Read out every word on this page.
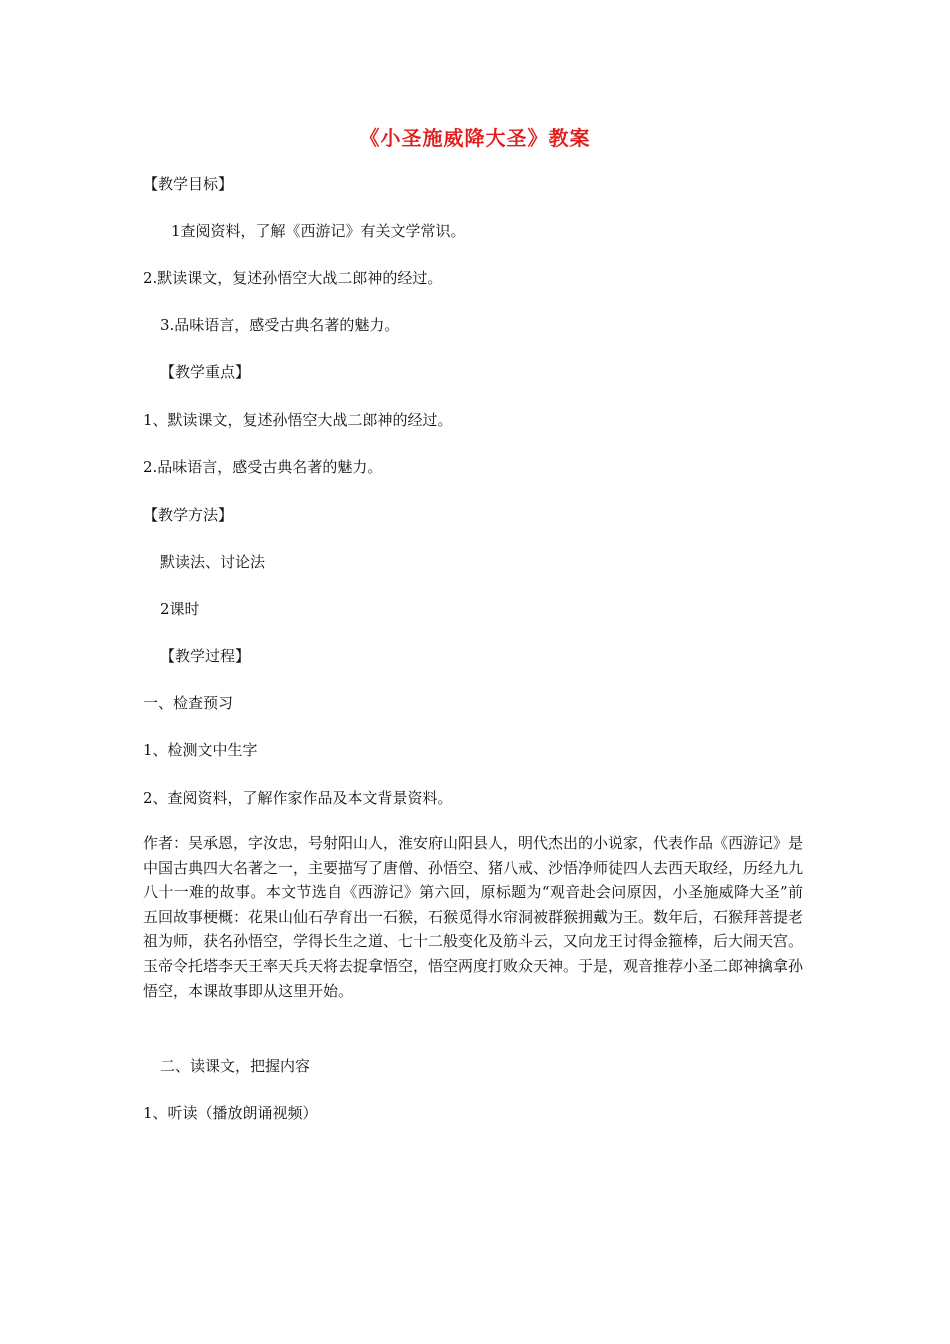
《小圣施威降大圣》教案
【教学目标】
1查阅资料，了解《西游记》有关文学常识。
2.默读课文，复述孙悟空大战二郎神的经过。
3.品味语言，感受古典名著的魅力。
【教学重点】
1、默读课文，复述孙悟空大战二郎神的经过。
2.品味语言，感受古典名著的魅力。
【教学方法】
默读法、讨论法
2课时
【教学过程】
一、检查预习
1、检测文中生字
2、查阅资料，了解作家作品及本文背景资料。
作者：吴承恩，字汝忠，号射阳山人，淮安府山阳县人，明代杰出的小说家，代表作品《西游记》是中国古典四大名著之一，主要描写了唐僧、孙悟空、猪八戒、沙悟净师徒四人去西天取经，历经九九八十一难的故事。本文节选自《西游记》第六回，原标题为“观音赴会问原因，小圣施威降大圣”前五回故事梗概：花果山仙石孕育出一石猴，石猴觅得水帘洞被群猴拥戴为王。数年后，石猴拜菩提老祖为师，获名孙悟空，学得长生之道、七十二般变化及筋斗云，又向龙王讨得金箍棒，后大闹天宫。玉帝令托塔李天王率天兵天将去捉拿悟空，悟空两度打败众天神。于是，观音推荐小圣二郎神擒拿孙悟空，本课故事即从这里开始。
二、读课文，把握内容
1、听读（播放朗诵视频）
